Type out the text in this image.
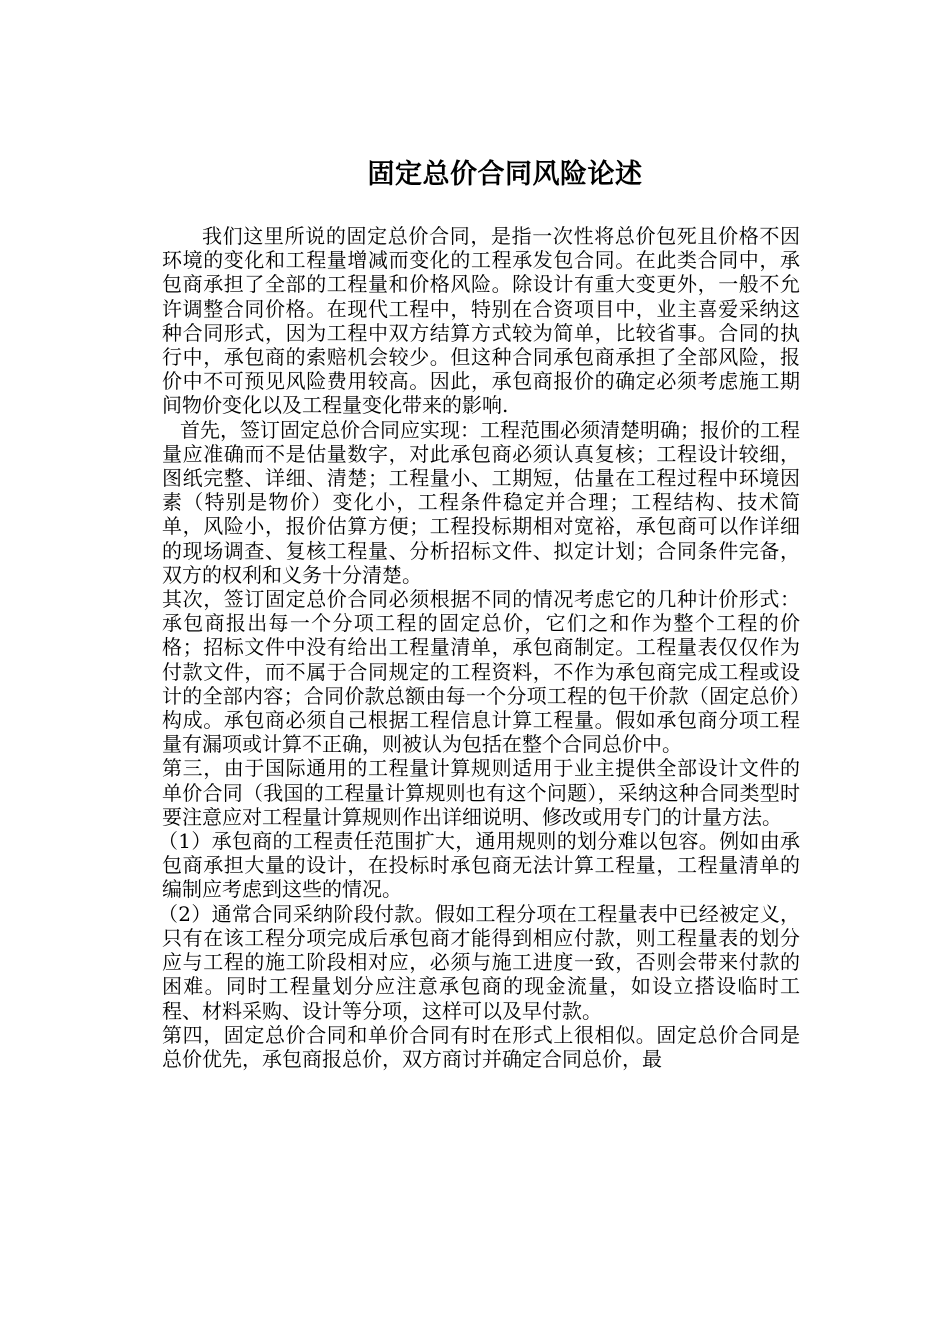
固定总价合同风险论述

我们这里所说的固定总价合同，是指一次性将总价包死且价格不因环境的变化和工程量增减而变化的工程承发包合同。在此类合同中，承包商承担了全部的工程量和价格风险。除设计有重大变更外，一般不允许调整合同价格。在现代工程中，特别在合资项目中，业主喜爱采纳这种合同形式，因为工程中双方结算方式较为简单，比较省事。合同的执行中，承包商的索赔机会较少。但这种合同承包商承担了全部风险，报价中不可预见风险费用较高。因此，承包商报价的确定必须考虑施工期间物价变化以及工程量变化带来的影响.

首先，签订固定总价合同应实现：工程范围必须清楚明确；报价的工程量应准确而不是估量数字，对此承包商必须认真复核；工程设计较细，图纸完整、详细、清楚；工程量小、工期短，估量在工程过程中环境因素（特别是物价）变化小，工程条件稳定并合理；工程结构、技术简单，风险小，报价估算方便；工程投标期相对宽裕，承包商可以作详细的现场调查、复核工程量、分析招标文件、拟定计划；合同条件完备，双方的权利和义务十分清楚。

其次，签订固定总价合同必须根据不同的情况考虑它的几种计价形式：承包商报出每一个分项工程的固定总价，它们之和作为整个工程的价格；招标文件中没有给出工程量清单，承包商制定。工程量表仅仅作为付款文件，而不属于合同规定的工程资料，不作为承包商完成工程或设计的全部内容；合同价款总额由每一个分项工程的包干价款（固定总价）构成。承包商必须自己根据工程信息计算工程量。假如承包商分项工程量有漏项或计算不正确，则被认为包括在整个合同总价中。

第三，由于国际通用的工程量计算规则适用于业主提供全部设计文件的单价合同（我国的工程量计算规则也有这个问题），采纳这种合同类型时要注意应对工程量计算规则作出详细说明、修改或用专门的计量方法。

（1）承包商的工程责任范围扩大，通用规则的划分难以包容。例如由承包商承担大量的设计，在投标时承包商无法计算工程量，工程量清单的编制应考虑到这些的情况。

（2）通常合同采纳阶段付款。假如工程分项在工程量表中已经被定义，只有在该工程分项完成后承包商才能得到相应付款，则工程量表的划分应与工程的施工阶段相对应，必须与施工进度一致，否则会带来付款的困难。同时工程量划分应注意承包商的现金流量，如设立搭设临时工程、材料采购、设计等分项，这样可以及早付款。

第四，固定总价合同和单价合同有时在形式上很相似。固定总价合同是总价优先，承包商报总价，双方商讨并确定合同总价，最
